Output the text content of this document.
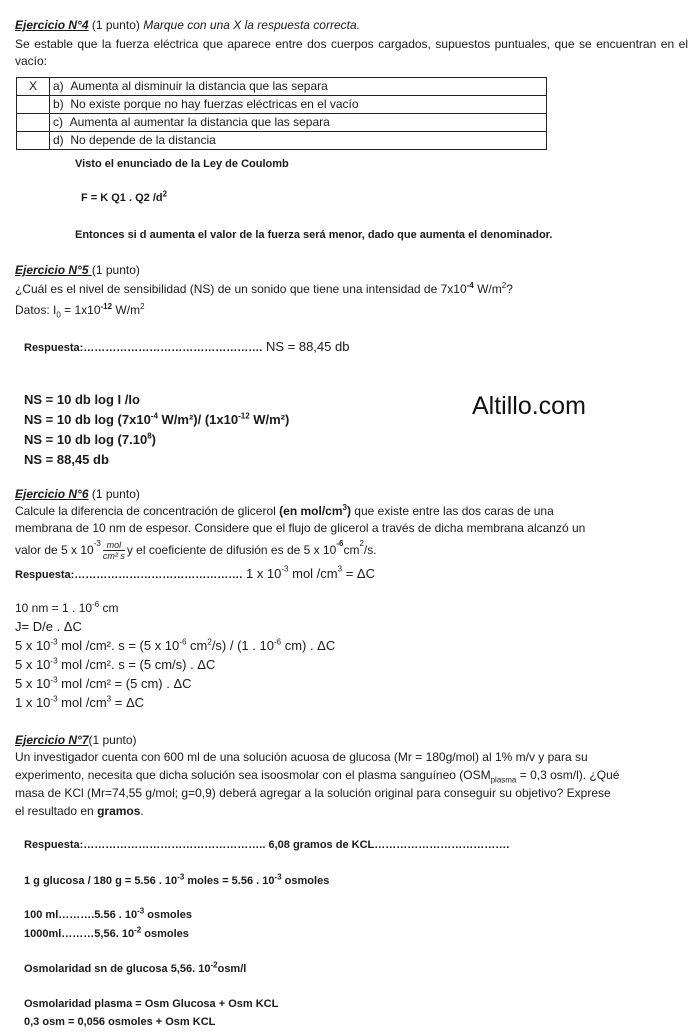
Ejercicio N°4 (1 punto) Marque con una X la respuesta correcta.
Se estable que la fuerza eléctrica que aparece entre dos cuerpos cargados, supuestos puntuales, que se encuentran en el vacío:
X	a) Aumenta al disminuir la distancia que las separa
	b) No existe porque no hay fuerzas eléctricas en el vacío
	c) Aumenta al aumentar la distancia que las separa
	d) No depende de la distancia
Visto el enunciado de la Ley de Coulomb
F = K Q1 . Q2 $/d^2$
Entonces si d aumenta el valor de la fuerza será menor, dado que aumenta el denominador.
Ejercicio N°5 (1 punto)
¿Cuál es el nivel de sensibilidad (NS) de un sonido que tiene una intensidad de $7x10^{-4}$ $W/m^2$?
Datos: $I_0 = 1x10^{-12}$ $W/m^2$
Respuesta:…………………………………………. NS = 88,45 db
NS = 10 db log I /Io
NS = 10 db $\log (7x10^{-4}$ W/m²)/ ($1x10^{-12}$ W/m²)
NS = 10 db log (7.10$^8$)
NS = 88,45 db
Altillo.com
Ejercicio N°6 (1 punto)
Calcule la diferencia de concentración de glicerol (en mol/$cm^3$) que existe entre las dos caras de una
membrana de 10 nm de espesor. Considere que el flujo de glicerol a través de dicha membrana alcanzó un
valor de 5 x $10^{-3} \frac{\text{mol}}{\text{cm² s}}$ y el coeficiente de difusión es de 5 x $10^{-6}$ $cm^2$ /s.
Respuesta:………………………………………. 1 x $10^{-3}$ mol $/cm^3 = \Delta C$
10 nm = 1 . $10^{-6}$ cm
J= D/e . ΔC
5 x $10^{-3}$ mol /cm². s = (5 x $10^{-6}$ $cm^2/s) / (1$ . $10^{-6}$ cm) . ΔC
5 x $10^{-3}$ mol /cm². s = (5 cm/s) . ΔC
5 x $10^{-3}$ mol /cm² = (5 cm) . ΔC
1 x $10^{-3}$ mol $/cm^3 = \Delta C$
Ejercicio N°7(1 punto)
Un investigador cuenta con 600 ml de una solución acuosa de glucosa (Mr = 180g/mol) al 1% m/v y para su
experimento, necesita que dicha solución sea isoosmolar con el plasma sanguíneo ($OSM_{plasma} = 0,3$ osm/l). ¿Qué
masa de KCl (Mr=74,55 g/mol; g=0,9) deberá agregar a la solución original para conseguir su objetivo? Exprese
el resultado en gramos.
Respuesta:………………………………………….. 6,08 gramos de KCL……………………………….
1 g glucosa / 180 g = 5.56 . $10^{-3}$ moles = 5.56 . $10^{-3}$ osmoles
100 ml……….5.56 . $10^{-3}$ osmoles
1000ml………5,56. $10^{-2}$ osmoles
Osmolaridad sn de glucosa 5,56. $10^{-2}osm/l$
Osmolaridad plasma = Osm Glucosa + Osm KCL
0,3 osm = 0,056 osmoles + Osm KCL
